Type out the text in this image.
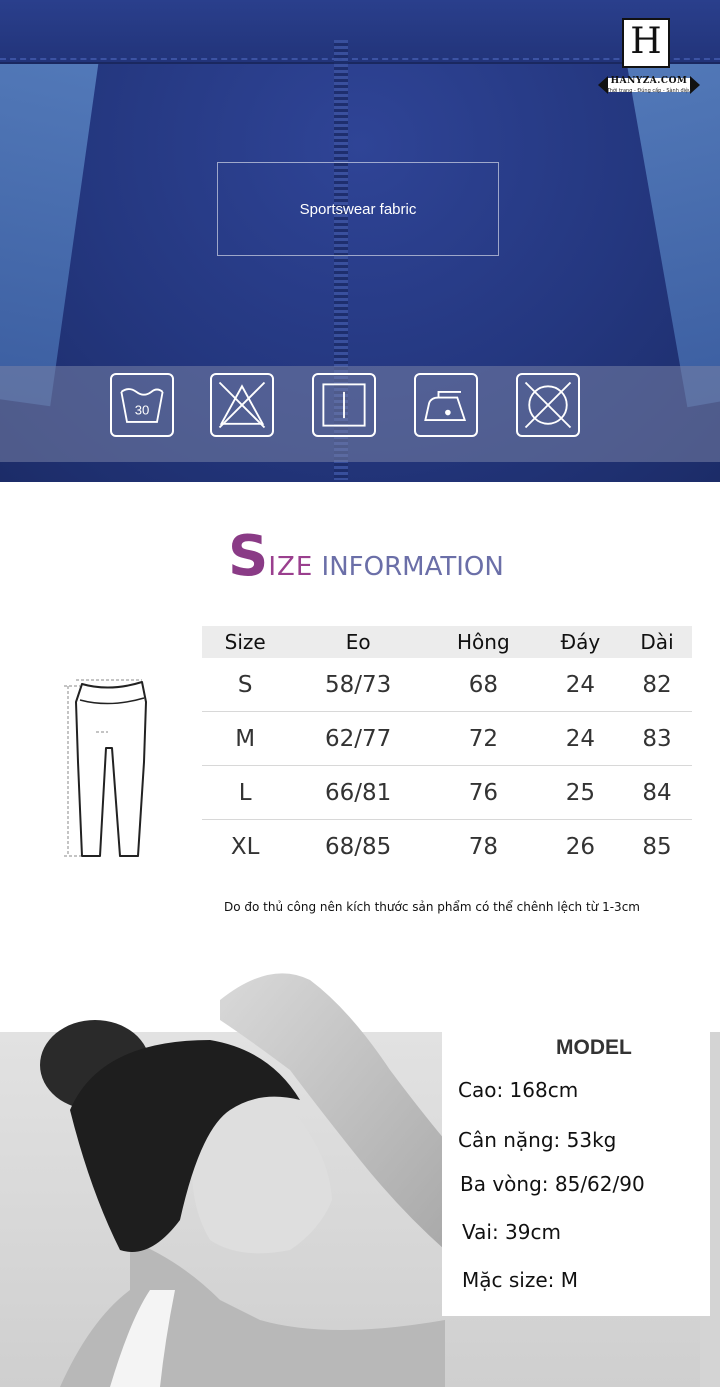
Sportswear fabric
30
H
HANYZA.COM
Thời trang - Đúng cấp - Sành điệu
SIZE INFORMATION
Size	Eo	Hông	Đáy	Dài
S	58/73	68	24	82
M	62/77	72	24	83
L	66/81	76	25	84
XL	68/85	78	26	85
Do đo thủ công nên kích thước sản phẩm có thể chênh lệch từ 1-3cm
MODEL
Cao: 168cm
Cân nặng: 53kg
Ba vòng: 85/62/90
Vai: 39cm
Mặc size: M
